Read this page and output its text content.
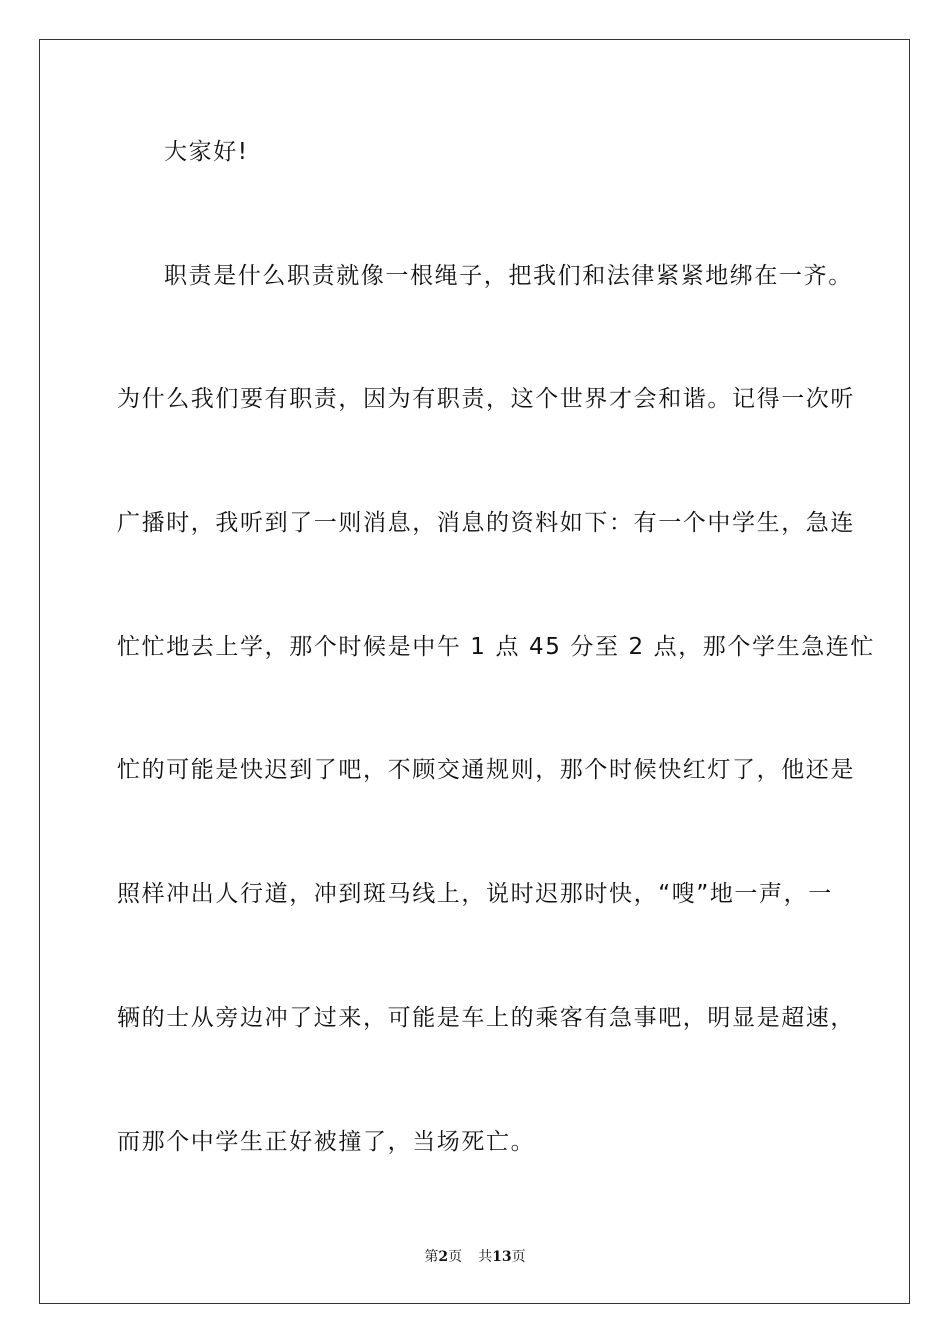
大家好!
职责是什么职责就像一根绳子，把我们和法律紧紧地绑在一齐。
为什么我们要有职责，因为有职责，这个世界才会和谐。记得一次听
广播时，我听到了一则消息，消息的资料如下：有一个中学生，急连
忙忙地去上学，那个时候是中午 1 点 45 分至 2 点，那个学生急连忙
忙的可能是快迟到了吧，不顾交通规则，那个时候快红灯了，他还是
照样冲出人行道，冲到斑马线上，说时迟那时快，“嗖”地一声，一
辆的士从旁边冲了过来，可能是车上的乘客有急事吧，明显是超速，
而那个中学生正好被撞了，当场死亡。
第2页 共13页
